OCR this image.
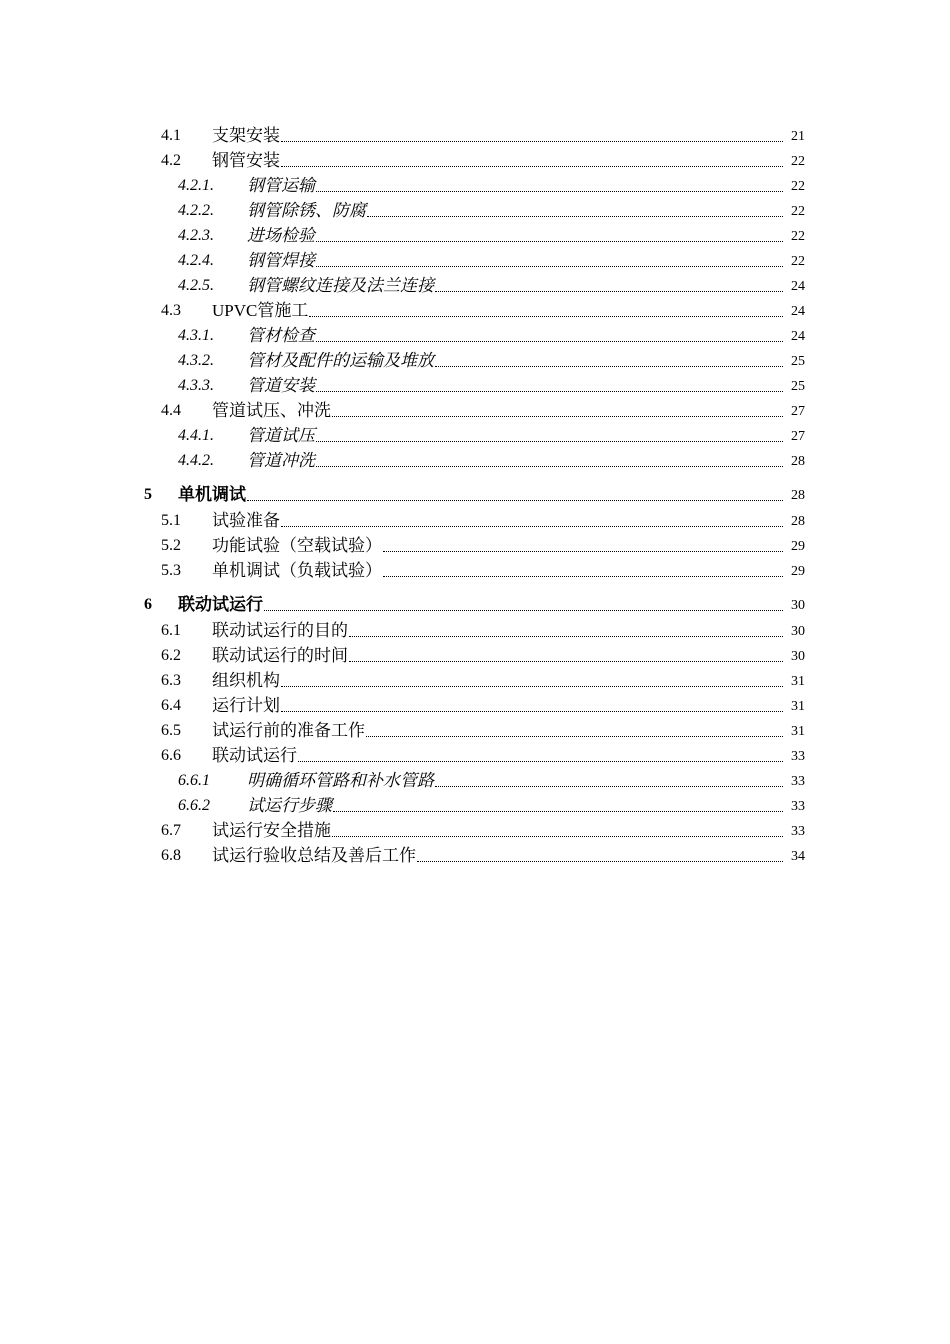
4.1 支架安装	21
4.2 钢管安装	22
4.2.1. 钢管运输	22
4.2.2. 钢管除锈、防腐	22
4.2.3. 进场检验	22
4.2.4. 钢管焊接	22
4.2.5. 钢管螺纹连接及法兰连接	24
4.3 UPVC管施工	24
4.3.1. 管材检查	24
4.3.2. 管材及配件的运输及堆放	25
4.3.3. 管道安装	25
4.4 管道试压、冲洗	27
4.4.1. 管道试压	27
4.4.2. 管道冲洗	28
5 单机调试	28
5.1 试验准备	28
5.2 功能试验（空载试验）	29
5.3 单机调试（负载试验）	29
6 联动试运行	30
6.1 联动试运行的目的	30
6.2 联动试运行的时间	30
6.3 组织机构	31
6.4 运行计划	31
6.5 试运行前的准备工作	31
6.6 联动试运行	33
6.6.1 明确循环管路和补水管路	33
6.6.2 试运行步骤	33
6.7 试运行安全措施	33
6.8 试运行验收总结及善后工作	34
